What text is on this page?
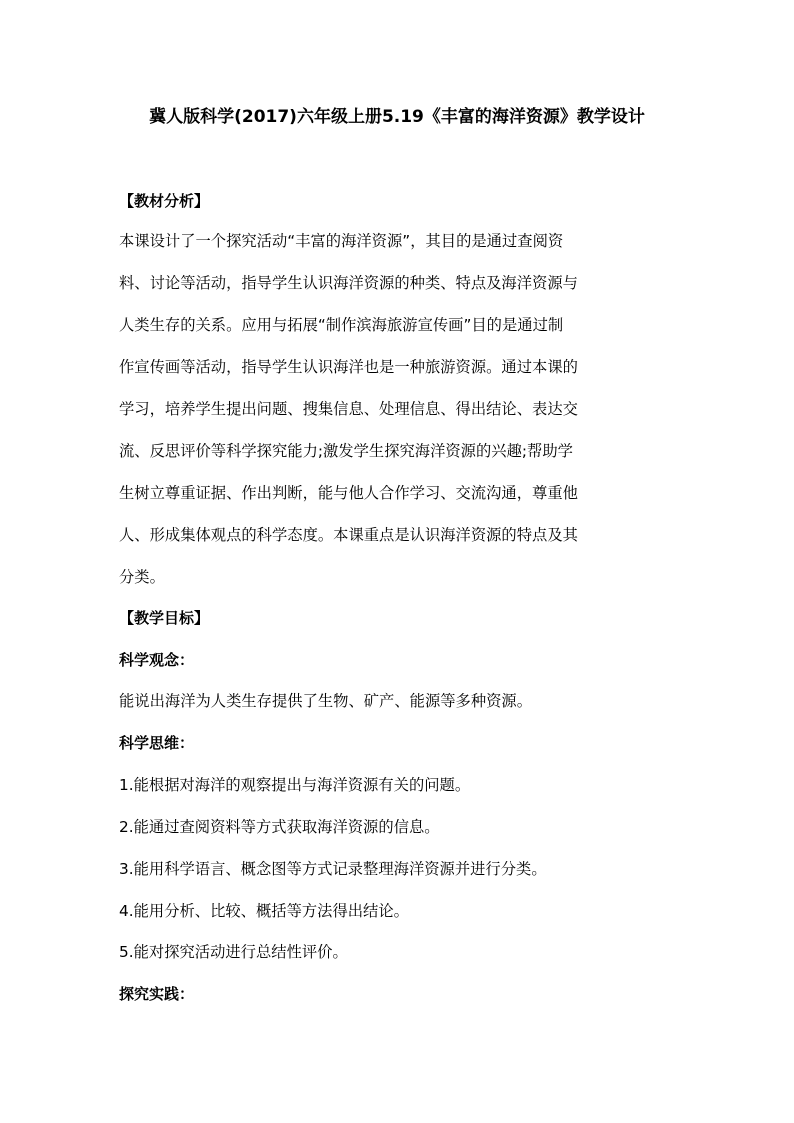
冀人版科学(2017)六年级上册5.19《丰富的海洋资源》教学设计
【教材分析】
本课设计了一个探究活动“丰富的海洋资源”，其目的是通过查阅资
料、讨论等活动，指导学生认识海洋资源的种类、特点及海洋资源与
人类生存的关系。应用与拓展“制作滨海旅游宣传画”目的是通过制
作宣传画等活动，指导学生认识海洋也是一种旅游资源。通过本课的
学习，培养学生提出问题、搜集信息、处理信息、得出结论、表达交
流、反思评价等科学探究能力;激发学生探究海洋资源的兴趣;帮助学
生树立尊重证据、作出判断，能与他人合作学习、交流沟通，尊重他
人、形成集体观点的科学态度。本课重点是认识海洋资源的特点及其
分类。
【教学目标】
科学观念：
能说出海洋为人类生存提供了生物、矿产、能源等多种资源。
科学思维：
1.能根据对海洋的观察提出与海洋资源有关的问题。
2.能通过查阅资料等方式获取海洋资源的信息。
3.能用科学语言、概念图等方式记录整理海洋资源并进行分类。
4.能用分析、比较、概括等方法得出结论。
5.能对探究活动进行总结性评价。
探究实践：
